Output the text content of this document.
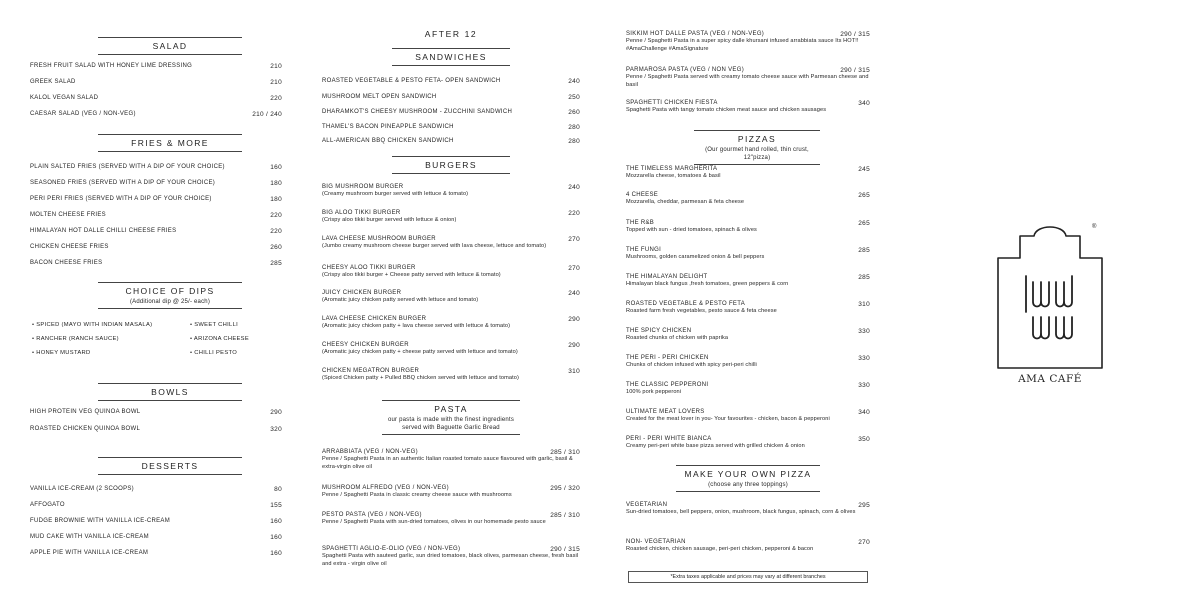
SALAD
FRESH FRUIT SALAD WITH HONEY LIME DRESSING	210
GREEK SALAD	210
KALOL VEGAN SALAD	220
CAESAR SALAD (VEG / NON-VEG)	210 / 240
FRIES & MORE
PLAIN SALTED FRIES (SERVED WITH A DIP OF YOUR CHOICE)	160
SEASONED FRIES (SERVED WITH A DIP OF YOUR CHOICE)	180
PERI PERI FRIES (SERVED WITH A DIP OF YOUR CHOICE)	180
MOLTEN CHEESE FRIES	220
HIMALAYAN HOT DALLE CHILLI CHEESE FRIES	220
CHICKEN CHEESE FRIES	260
BACON CHEESE FRIES	285
CHOICE OF DIPS
(Additional dip @ 25/- each)
• SPICED (MAYO WITH INDIAN MASALA)
• RANCHER (RANCH SAUCE)
• HONEY MUSTARD
• SWEET CHILLI
• ARIZONA CHEESE
• CHILLI PESTO
BOWLS
HIGH PROTEIN VEG QUINOA BOWL	290
ROASTED CHICKEN QUINOA BOWL	320
DESSERTS
VANILLA ICE-CREAM (2 SCOOPS)	80
AFFOGATO	155
FUDGE BROWNIE WITH VANILLA ICE-CREAM	160
MUD CAKE WITH VANILLA ICE-CREAM	160
APPLE PIE WITH VANILLA ICE-CREAM	160
AFTER 12
SANDWICHES
ROASTED VEGETABLE & PESTO FETA- OPEN SANDWICH	240
MUSHROOM MELT OPEN SANDWICH	250
DHARAMKOT'S CHEESY MUSHROOM - ZUCCHINI SANDWICH	260
THAMEL'S BACON PINEAPPLE SANDWICH	280
ALL-AMERICAN BBQ CHICKEN SANDWICH	280
BURGERS
BIG MUSHROOM BURGER	240
(Creamy mushroom burger served with lettuce & tomato)
BIG ALOO TIKKI BURGER	220
(Crispy aloo tikki burger served with lettuce & onion)
LAVA CHEESE MUSHROOM BURGER	270
(Jumbo creamy mushroom cheese burger served with lava cheese, lettuce and tomato)
CHEESY ALOO TIKKI BURGER	270
(Crispy aloo tikki burger + Cheese patty served with lettuce & tomato)
JUICY CHICKEN BURGER	240
(Aromatic juicy chicken patty served with lettuce and tomato)
LAVA CHEESE CHICKEN BURGER	290
(Aromatic juicy chicken patty + lava cheese served with lettuce & tomato)
CHEESY CHICKEN BURGER	290
(Aromatic juicy chicken patty + cheese patty served with lettuce and tomato)
CHICKEN MEGATRON BURGER	310
(Spiced Chicken patty + Pulled BBQ chicken served with lettuce and tomato)
PASTA
our pasta is made with the finest ingredients served with Baguette Garlic Bread
ARRABBIATA (VEG / NON-VEG)	285 / 310
Penne / Spaghetti Pasta in an authentic Italian roasted tomato sauce flavoured with garlic, basil & extra-virgin olive oil
MUSHROOM ALFREDO (VEG / NON-VEG)	295 / 320
Penne / Spaghetti Pasta in classic creamy cheese sauce with mushrooms
PESTO PASTA (VEG / NON-VEG)	285 / 310
Penne / Spaghetti Pasta with sun-dried tomatoes, olives in our homemade pesto sauce
SPAGHETTI AGLIO-E-OLIO (VEG / NON-VEG)	290 / 315
Spaghetti Pasta with sauteed garlic, sun dried tomatoes, black olives, parmesan cheese, fresh basil and extra - virgin olive oil
SIKKIM HOT DALLE PASTA (VEG / NON-VEG)	290 / 315
Penne / Spaghetti Pasta in a super spicy dalle khursani infused arrabbiata sauce Its HOT!! #AmaChallenge #AmaSignature
PARMAROSA PASTA (VEG / NON VEG)	290 / 315
Penne / Spaghetti Pasta served with creamy tomato cheese sauce with Parmesan cheese and basil
SPAGHETTI CHICKEN FIESTA	340
Spaghetti Pasta with tangy tomato chicken meat sauce and chicken sausages
PIZZAS
(Our gourmet hand rolled, thin crust, 12"pizza)
THE TIMELESS MARGHERITA	245
Mozzarella cheese, tomatoes & basil
4 CHEESE	265
Mozzarella, cheddar, parmesan & feta cheese
THE R&B	265
Topped with sun - dried tomatoes, spinach & olives
THE FUNGI	285
Mushrooms, golden caramelized onion & bell peppers
THE HIMALAYAN DELIGHT	285
Himalayan black fungus ,fresh tomatoes, green peppers & corn
ROASTED VEGETABLE & PESTO FETA	310
Roasted farm fresh vegetables, pesto sauce & feta cheese
THE SPICY CHICKEN	330
Roasted chunks of chicken with paprika
THE PERI - PERI CHICKEN	330
Chunks of chicken infused with spicy peri-peri chilli
THE CLASSIC PEPPERONI	330
100% pork pepperoni
ULTIMATE MEAT LOVERS	340
Created for the meat lover in you- Your favourites - chicken, bacon & pepperoni
PERI - PERI WHITE BIANCA	350
Creamy peri-peri white base pizza served with grilled chicken & onion
MAKE YOUR OWN PIZZA
(choose any three toppings)
VEGETARIAN	295
Sun-dried tomatoes, bell peppers, onion, mushroom, black fungus, spinach, corn & olives
NON- VEGETARIAN	270
Roasted chicken, chicken sausage, peri-peri chicken, pepperoni & bacon
*Extra taxes applicable and prices may vary at different branches
®
AMA CAFÉ
